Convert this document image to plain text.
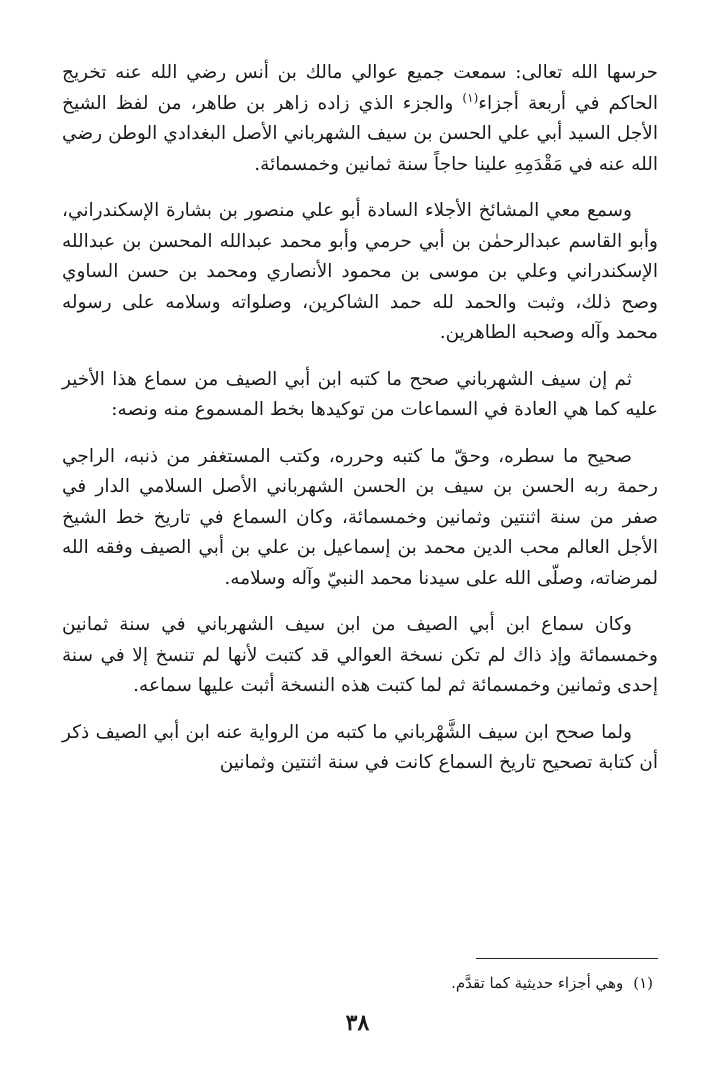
حرسها الله تعالى: سمعت جميع عوالي مالك بن أنس رضي الله عنه تخريج الحاكم في أربعة أجزاء$^{(١)}$ والجزء الذي زاده زاهر بن طاهر، من لفظ الشيخ الأجل السيد أبي علي الحسن بن سيف الشهرباني الأصل البغدادي الوطن رضي الله عنه في مَقْدَمِهِ علينا حاجاً سنة ثمانين وخمسمائة.

وسمع معي المشائخ الأجلاء السادة أبو علي منصور بن بشارة الإسكندراني، وأبو القاسم عبدالرحمٰن بن أبي حرمي وأبو محمد عبدالله المحسن بن عبدالله الإسكندراني وعلي بن موسى بن محمود الأنصاري ومحمد بن حسن الساوي وصح ذلك، وثبت والحمد لله حمد الشاكرين، وصلواته وسلامه على رسوله محمد وآله وصحبه الطاهرين.

ثم إن سيف الشهرباني صحح ما كتبه ابن أبي الصيف من سماع هذا الأخير عليه كما هي العادة في السماعات من توكيدها بخط المسموع منه ونصه:

صحيح ما سطره، وحقّ ما كتبه وحرره، وكتب المستغفر من ذنبه، الراجي رحمة ربه الحسن بن سيف بن الحسن الشهرباني الأصل السلامي الدار في صفر من سنة اثنتين وثمانين وخمسمائة، وكان السماع في تاريخ خط الشيخ الأجل العالم محب الدين محمد بن إسماعيل بن علي بن أبي الصيف وفقه الله لمرضاته، وصلّى الله على سيدنا محمد النبيّ وآله وسلامه.

وكان سماع ابن أبي الصيف من ابن سيف الشهرباني في سنة ثمانين وخمسمائة وإذ ذاك لم تكن نسخة العوالي قد كتبت لأنها لم تنسخ إلا في سنة إحدى وثمانين وخمسمائة ثم لما كتبت هذه النسخة أثبت عليها سماعه.

ولما صحح ابن سيف الشَّهْرباني ما كتبه من الرواية عنه ابن أبي الصيف ذكر أن كتابة تصحيح تاريخ السماع كانت في سنة اثنتين وثمانين

(١)وهي أجزاء حديثية كما تقدَّم.
٣٨
